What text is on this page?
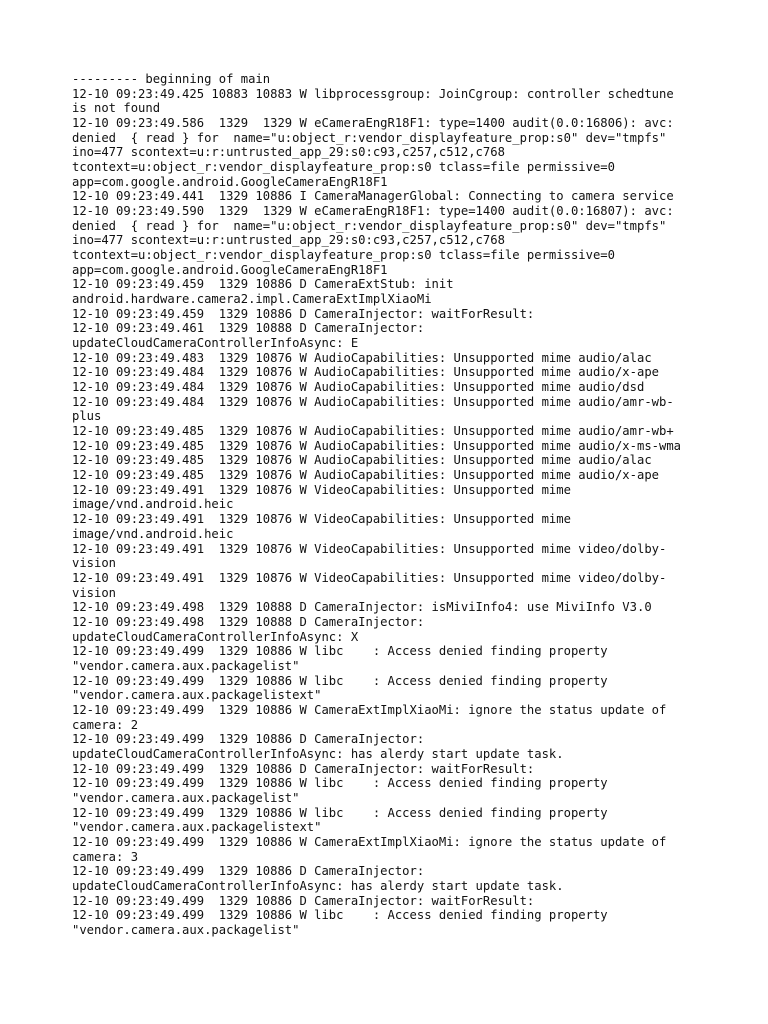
--------- beginning of main
12-10 09:23:49.425 10883 10883 W libprocessgroup: JoinCgroup: controller schedtune
is not found
12-10 09:23:49.586  1329  1329 W eCameraEngR18F1: type=1400 audit(0.0:16806): avc:
denied  { read } for  name="u:object_r:vendor_displayfeature_prop:s0" dev="tmpfs"
ino=477 scontext=u:r:untrusted_app_29:s0:c93,c257,c512,c768
tcontext=u:object_r:vendor_displayfeature_prop:s0 tclass=file permissive=0
app=com.google.android.GoogleCameraEngR18F1
12-10 09:23:49.441  1329 10886 I CameraManagerGlobal: Connecting to camera service
12-10 09:23:49.590  1329  1329 W eCameraEngR18F1: type=1400 audit(0.0:16807): avc:
denied  { read } for  name="u:object_r:vendor_displayfeature_prop:s0" dev="tmpfs"
ino=477 scontext=u:r:untrusted_app_29:s0:c93,c257,c512,c768
tcontext=u:object_r:vendor_displayfeature_prop:s0 tclass=file permissive=0
app=com.google.android.GoogleCameraEngR18F1
12-10 09:23:49.459  1329 10886 D CameraExtStub: init
android.hardware.camera2.impl.CameraExtImplXiaoMi
12-10 09:23:49.459  1329 10886 D CameraInjector: waitForResult:
12-10 09:23:49.461  1329 10888 D CameraInjector:
updateCloudCameraControllerInfoAsync: E
12-10 09:23:49.483  1329 10876 W AudioCapabilities: Unsupported mime audio/alac
12-10 09:23:49.484  1329 10876 W AudioCapabilities: Unsupported mime audio/x-ape
12-10 09:23:49.484  1329 10876 W AudioCapabilities: Unsupported mime audio/dsd
12-10 09:23:49.484  1329 10876 W AudioCapabilities: Unsupported mime audio/amr-wb-
plus
12-10 09:23:49.485  1329 10876 W AudioCapabilities: Unsupported mime audio/amr-wb+
12-10 09:23:49.485  1329 10876 W AudioCapabilities: Unsupported mime audio/x-ms-wma
12-10 09:23:49.485  1329 10876 W AudioCapabilities: Unsupported mime audio/alac
12-10 09:23:49.485  1329 10876 W AudioCapabilities: Unsupported mime audio/x-ape
12-10 09:23:49.491  1329 10876 W VideoCapabilities: Unsupported mime
image/vnd.android.heic
12-10 09:23:49.491  1329 10876 W VideoCapabilities: Unsupported mime
image/vnd.android.heic
12-10 09:23:49.491  1329 10876 W VideoCapabilities: Unsupported mime video/dolby-
vision
12-10 09:23:49.491  1329 10876 W VideoCapabilities: Unsupported mime video/dolby-
vision
12-10 09:23:49.498  1329 10888 D CameraInjector: isMiviInfo4: use MiviInfo V3.0
12-10 09:23:49.498  1329 10888 D CameraInjector:
updateCloudCameraControllerInfoAsync: X
12-10 09:23:49.499  1329 10886 W libc    : Access denied finding property
"vendor.camera.aux.packagelist"
12-10 09:23:49.499  1329 10886 W libc    : Access denied finding property
"vendor.camera.aux.packagelistext"
12-10 09:23:49.499  1329 10886 W CameraExtImplXiaoMi: ignore the status update of
camera: 2
12-10 09:23:49.499  1329 10886 D CameraInjector:
updateCloudCameraControllerInfoAsync: has alerdy start update task.
12-10 09:23:49.499  1329 10886 D CameraInjector: waitForResult:
12-10 09:23:49.499  1329 10886 W libc    : Access denied finding property
"vendor.camera.aux.packagelist"
12-10 09:23:49.499  1329 10886 W libc    : Access denied finding property
"vendor.camera.aux.packagelistext"
12-10 09:23:49.499  1329 10886 W CameraExtImplXiaoMi: ignore the status update of
camera: 3
12-10 09:23:49.499  1329 10886 D CameraInjector:
updateCloudCameraControllerInfoAsync: has alerdy start update task.
12-10 09:23:49.499  1329 10886 D CameraInjector: waitForResult:
12-10 09:23:49.499  1329 10886 W libc    : Access denied finding property
"vendor.camera.aux.packagelist"
